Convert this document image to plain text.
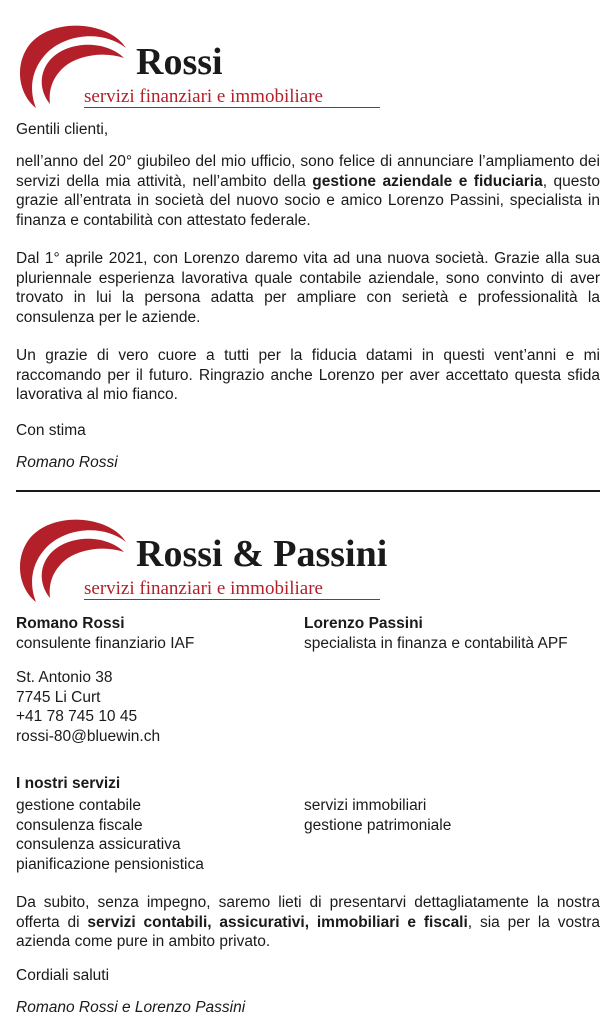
Rossi
servizi finanziari e immobiliare
Gentili clienti,
nell’anno del 20° giubileo del mio ufficio, sono felice di annunciare l’ampliamento dei servizi della mia attività, nell’ambito della gestione aziendale e fiduciaria, questo grazie all’entrata in società del nuovo socio e amico Lorenzo Passini, specialista in finanza e contabilità con attestato federale.
Dal 1° aprile 2021, con Lorenzo daremo vita ad una nuova società. Grazie alla sua pluriennale esperienza lavorativa quale contabile aziendale, sono convinto di aver trovato in lui la persona adatta per ampliare con serietà e professionalità la consulenza per le aziende.
Un grazie di vero cuore a tutti per la fiducia datami in questi vent’anni e mi raccomando per il futuro. Ringrazio anche Lorenzo per aver accettato questa sfida lavorativa al mio fianco.
Con stima
Romano Rossi
Rossi & Passini
servizi finanziari e immobiliare
Romano Rossi
consulente finanziario IAF
Lorenzo Passini
specialista in finanza e contabilità APF
St. Antonio 38
7745 Li Curt
+41 78 745 10 45
rossi-80@bluewin.ch
I nostri servizi
gestione contabile
consulenza fiscale
consulenza assicurativa
pianificazione pensionistica
servizi immobiliari
gestione patrimoniale
Da subito, senza impegno, saremo lieti di presentarvi dettagliatamente la nostra offerta di servizi contabili, assicurativi, immobiliari e fiscali, sia per la vostra azienda come pure in ambito privato.
Cordiali saluti
Romano Rossi e Lorenzo Passini
